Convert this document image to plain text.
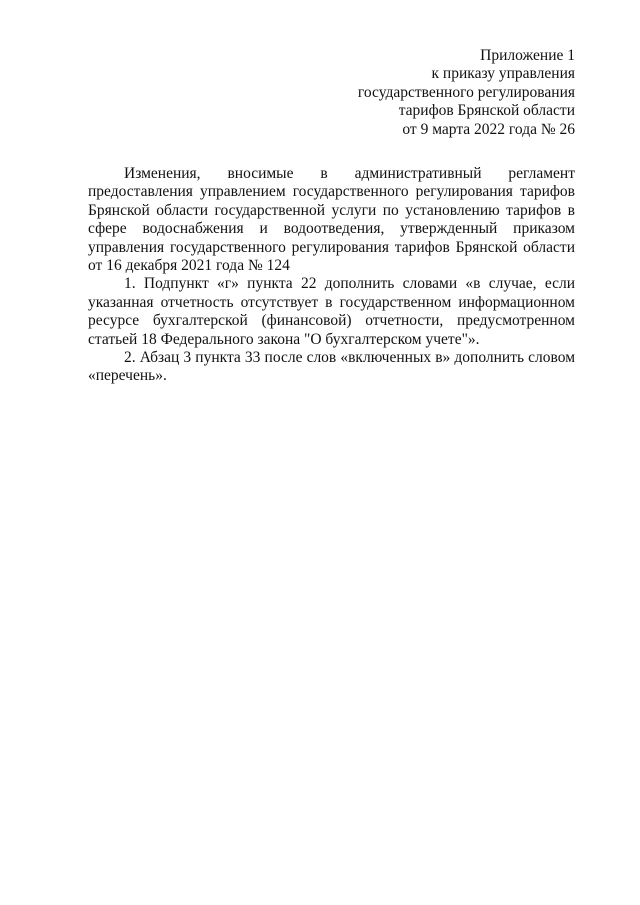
Приложение 1
к приказу управления
государственного регулирования
тарифов Брянской области
от 9 марта 2022 года № 26

Изменения, вносимые в административный регламент предоставления управлением государственного регулирования тарифов Брянской области государственной услуги по установлению тарифов в сфере водоснабжения и водоотведения, утвержденный приказом управления государственного регулирования тарифов Брянской области от 16 декабря 2021 года № 124

1. Подпункт «г» пункта 22 дополнить словами «в случае, если указанная отчетность отсутствует в государственном информационном ресурсе бухгалтерской (финансовой) отчетности, предусмотренном статьей 18 Федерального закона "О бухгалтерском учете"».

2. Абзац 3 пункта 33 после слов «включенных в» дополнить словом «перечень».
